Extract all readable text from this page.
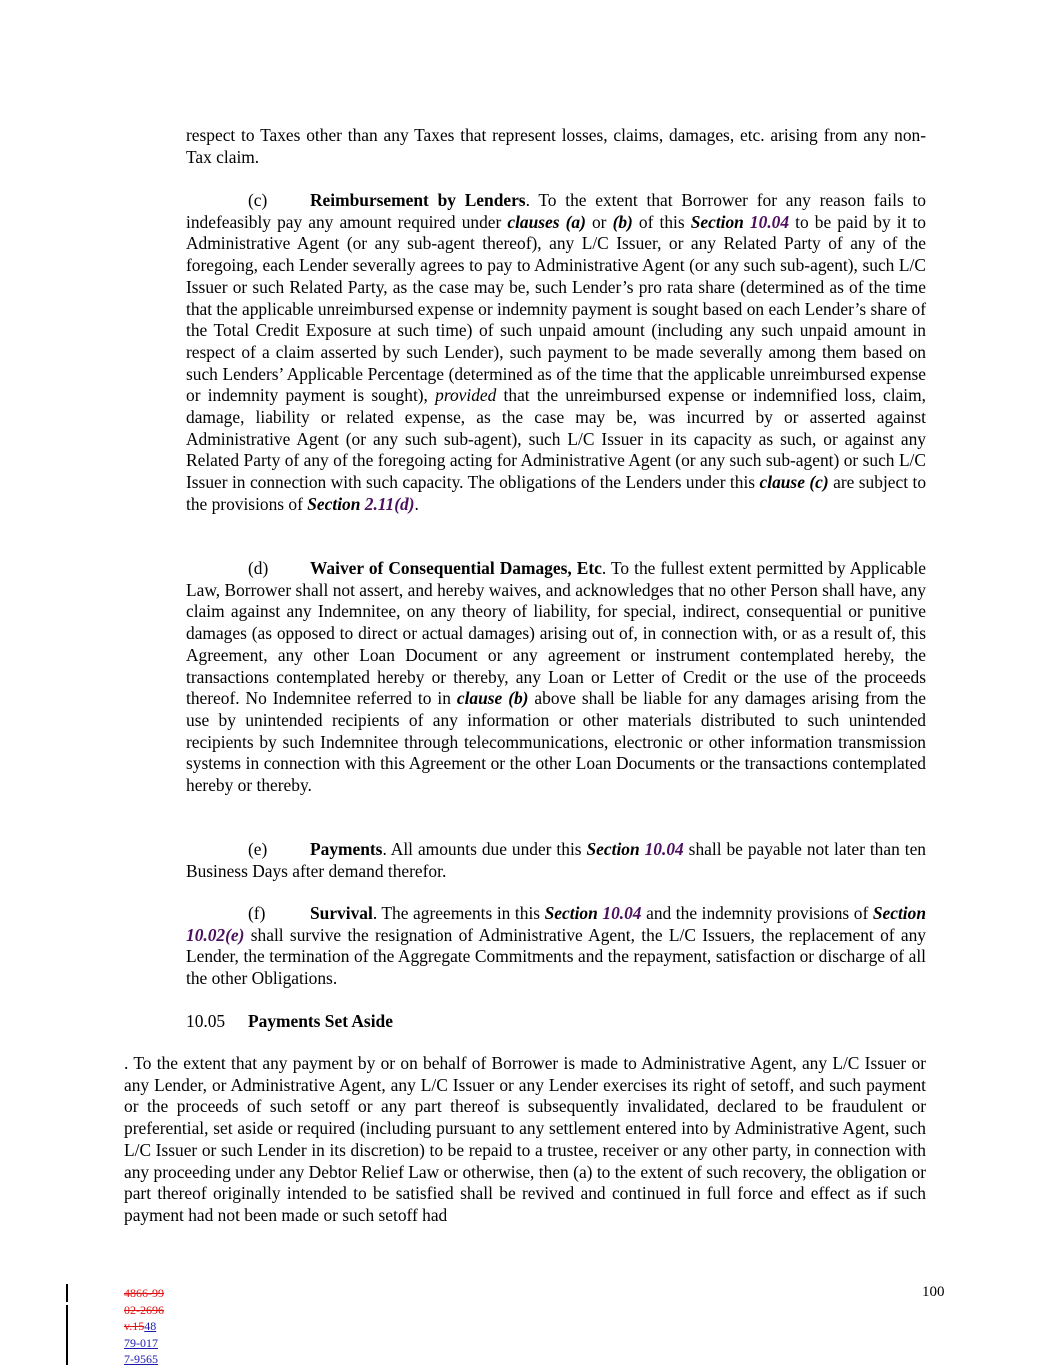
respect to Taxes other than any Taxes that represent losses, claims, damages, etc. arising from any non-Tax claim.
(c) Reimbursement by Lenders. To the extent that Borrower for any reason fails to indefeasibly pay any amount required under clauses (a) or (b) of this Section 10.04 to be paid by it to Administrative Agent (or any sub-agent thereof), any L/C Issuer, or any Related Party of any of the foregoing, each Lender severally agrees to pay to Administrative Agent (or any such sub-agent), such L/C Issuer or such Related Party, as the case may be, such Lender’s pro rata share (determined as of the time that the applicable unreimbursed expense or indemnity payment is sought based on each Lender’s share of the Total Credit Exposure at such time) of such unpaid amount (including any such unpaid amount in respect of a claim asserted by such Lender), such payment to be made severally among them based on such Lenders’ Applicable Percentage (determined as of the time that the applicable unreimbursed expense or indemnity payment is sought), provided that the unreimbursed expense or indemnified loss, claim, damage, liability or related expense, as the case may be, was incurred by or asserted against Administrative Agent (or any such sub-agent), such L/C Issuer in its capacity as such, or against any Related Party of any of the foregoing acting for Administrative Agent (or any such sub-agent) or such L/C Issuer in connection with such capacity. The obligations of the Lenders under this clause (c) are subject to the provisions of Section 2.11(d).
(d) Waiver of Consequential Damages, Etc. To the fullest extent permitted by Applicable Law, Borrower shall not assert, and hereby waives, and acknowledges that no other Person shall have, any claim against any Indemnitee, on any theory of liability, for special, indirect, consequential or punitive damages (as opposed to direct or actual damages) arising out of, in connection with, or as a result of, this Agreement, any other Loan Document or any agreement or instrument contemplated hereby, the transactions contemplated hereby or thereby, any Loan or Letter of Credit or the use of the proceeds thereof. No Indemnitee referred to in clause (b) above shall be liable for any damages arising from the use by unintended recipients of any information or other materials distributed to such unintended recipients by such Indemnitee through telecommunications, electronic or other information transmission systems in connection with this Agreement or the other Loan Documents or the transactions contemplated hereby or thereby.
(e) Payments. All amounts due under this Section 10.04 shall be payable not later than ten Business Days after demand therefor.
(f)	Survival. The agreements in this Section 10.04 and the indemnity provisions of Section 10.02(e) shall survive the resignation of Administrative Agent, the L/C Issuers, the replacement of any Lender, the termination of the Aggregate Commitments and the repayment, satisfaction or discharge of all the other Obligations.
10.05 Payments Set Aside
. To the extent that any payment by or on behalf of Borrower is made to Administrative Agent, any L/C Issuer or any Lender, or Administrative Agent, any L/C Issuer or any Lender exercises its right of setoff, and such payment or the proceeds of such setoff or any part thereof is subsequently invalidated, declared to be fraudulent or preferential, set aside or required (including pursuant to any settlement entered into by Administrative Agent, such L/C Issuer or such Lender in its discretion) to be repaid to a trustee, receiver or any other party, in connection with any proceeding under any Debtor Relief Law or otherwise, then (a) to the extent of such recovery, the obligation or part thereof originally intended to be satisfied shall be revived and continued in full force and effect as if such payment had not been made or such setoff had
100
4866-99
02-2696
v.1548
79-017
7-9565
